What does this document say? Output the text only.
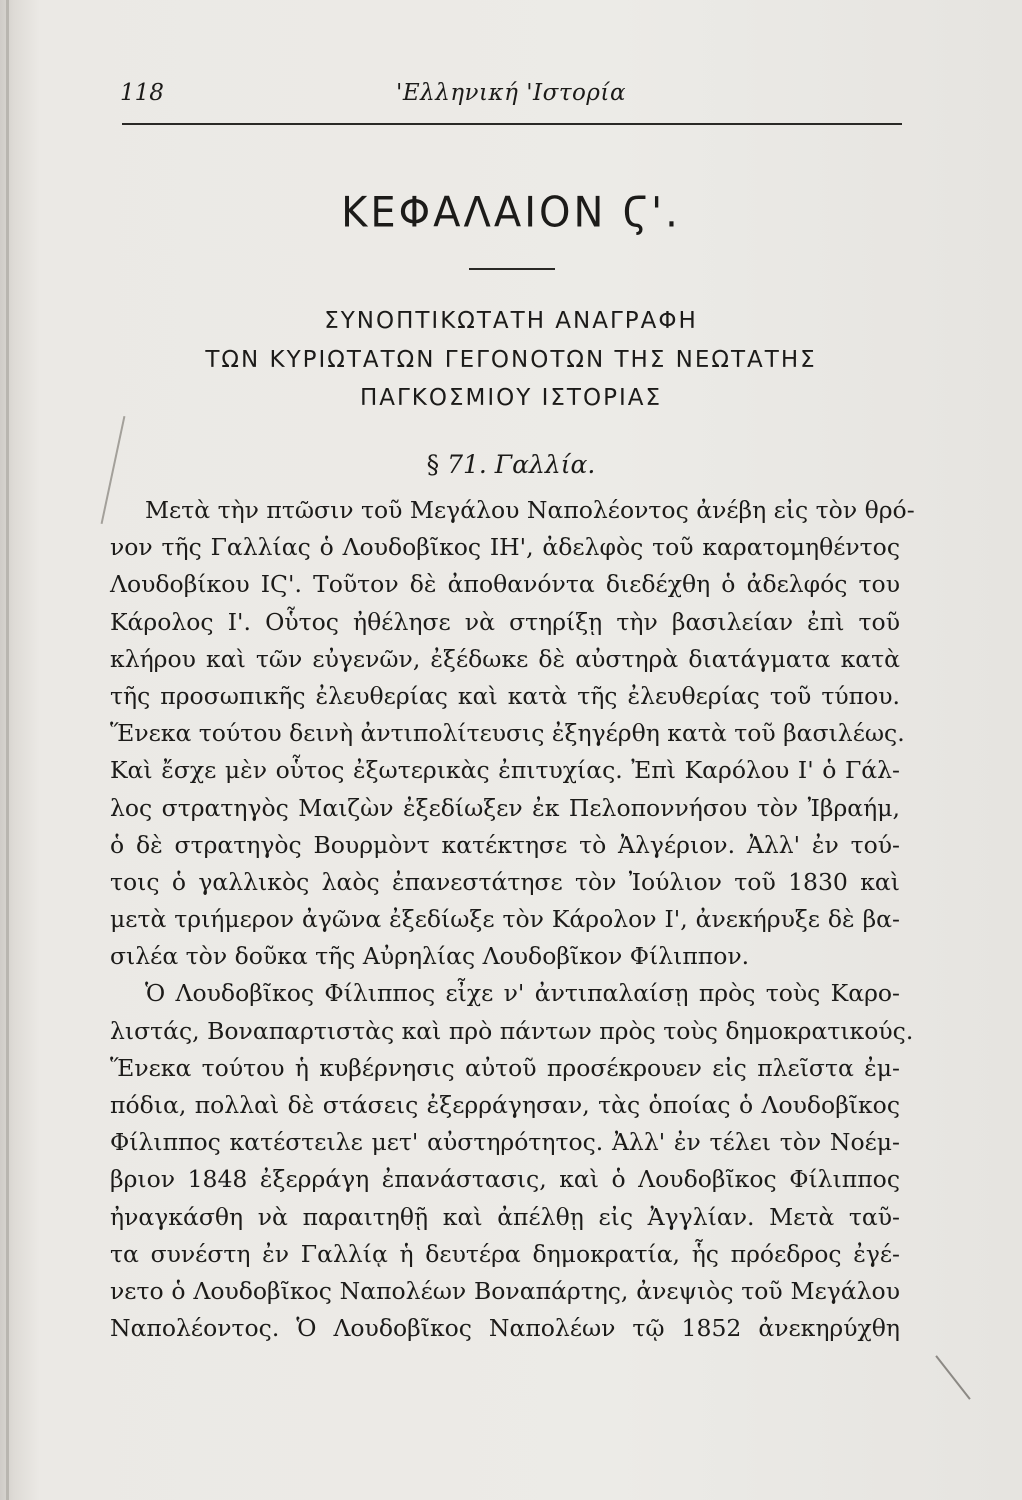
118	'Ελληνική 'Ιστορία
ΚΕΦΑΛΑΙΟΝ Ϛ'.
ΣΥΝΟΠΤΙΚΩΤΑΤΗ ΑΝΑΓΡΑΦΗ
ΤΩΝ ΚΥΡΙΩΤΑΤΩΝ ΓΕΓΟΝΟΤΩΝ ΤΗΣ ΝΕΩΤΑΤΗΣ
ΠΑΓΚΟΣΜΙΟΥ ΙΣΤΟΡΙΑΣ
§ 71. Γαλλία.
Μετὰ τὴν πτῶσιν τοῦ Μεγάλου Ναπολέοντος ἀνέβη εἰς τὸν θρό-
νον τῆς Γαλλίας ὁ Λουδοβῖκος ΙΗ', ἀδελφὸς τοῦ καρατομηθέντος
Λουδοβίκου ΙϚ'. Τοῦτον δὲ ἀποθανόντα διεδέχθη ὁ ἀδελφός του
Κάρολος Ι'. Οὗτος ἠθέλησε νὰ στηρίξῃ τὴν βασιλείαν ἐπὶ τοῦ
κλήρου καὶ τῶν εὐγενῶν, ἐξέδωκε δὲ αὐστηρὰ διατάγματα κατὰ
τῆς προσωπικῆς ἐλευθερίας καὶ κατὰ τῆς ἐλευθερίας τοῦ τύπου.
Ἕνεκα τούτου δεινὴ ἀντιπολίτευσις ἐξηγέρθη κατὰ τοῦ βασιλέως.
Καὶ ἔσχε μὲν οὗτος ἐξωτερικὰς ἐπιτυχίας. Ἐπὶ Καρόλου Ι' ὁ Γάλ-
λος στρατηγὸς Μαιζὼν ἐξεδίωξεν ἐκ Πελοποννήσου τὸν Ἰβραήμ,
ὁ δὲ στρατηγὸς Βουρμὸντ κατέκτησε τὸ Ἀλγέριον. Ἀλλ' ἐν τού-
τοις ὁ γαλλικὸς λαὸς ἐπανεστάτησε τὸν Ἰούλιον τοῦ 1830 καὶ
μετὰ τριήμερον ἀγῶνα ἐξεδίωξε τὸν Κάρολον Ι', ἀνεκήρυξε δὲ βα-
σιλέα τὸν δοῦκα τῆς Αὐρηλίας Λουδοβῖκον Φίλιππον.
Ὁ Λουδοβῖκος Φίλιππος εἶχε ν' ἀντιπαλαίσῃ πρὸς τοὺς Καρο-
λιστάς, Βοναπαρτιστὰς καὶ πρὸ πάντων πρὸς τοὺς δημοκρατικούς.
Ἕνεκα τούτου ἡ κυβέρνησις αὐτοῦ προσέκρουεν εἰς πλεῖστα ἐμ-
πόδια, πολλαὶ δὲ στάσεις ἐξερράγησαν, τὰς ὁποίας ὁ Λουδοβῖκος
Φίλιππος κατέστειλε μετ' αὐστηρότητος. Ἀλλ' ἐν τέλει τὸν Νοέμ-
βριον 1848 ἐξερράγη ἐπανάστασις, καὶ ὁ Λουδοβῖκος Φίλιππος
ἠναγκάσθη νὰ παραιτηθῇ καὶ ἀπέλθῃ εἰς Ἀγγλίαν. Μετὰ ταῦ-
τα συνέστη ἐν Γαλλίᾳ ἡ δευτέρα δημοκρατία, ἧς πρόεδρος ἐγέ-
νετο ὁ Λουδοβῖκος Ναπολέων Βοναπάρτης, ἀνεψιὸς τοῦ Μεγάλου
Ναπολέοντος. Ὁ Λουδοβῖκος Ναπολέων τῷ 1852 ἀνεκηρύχθη
